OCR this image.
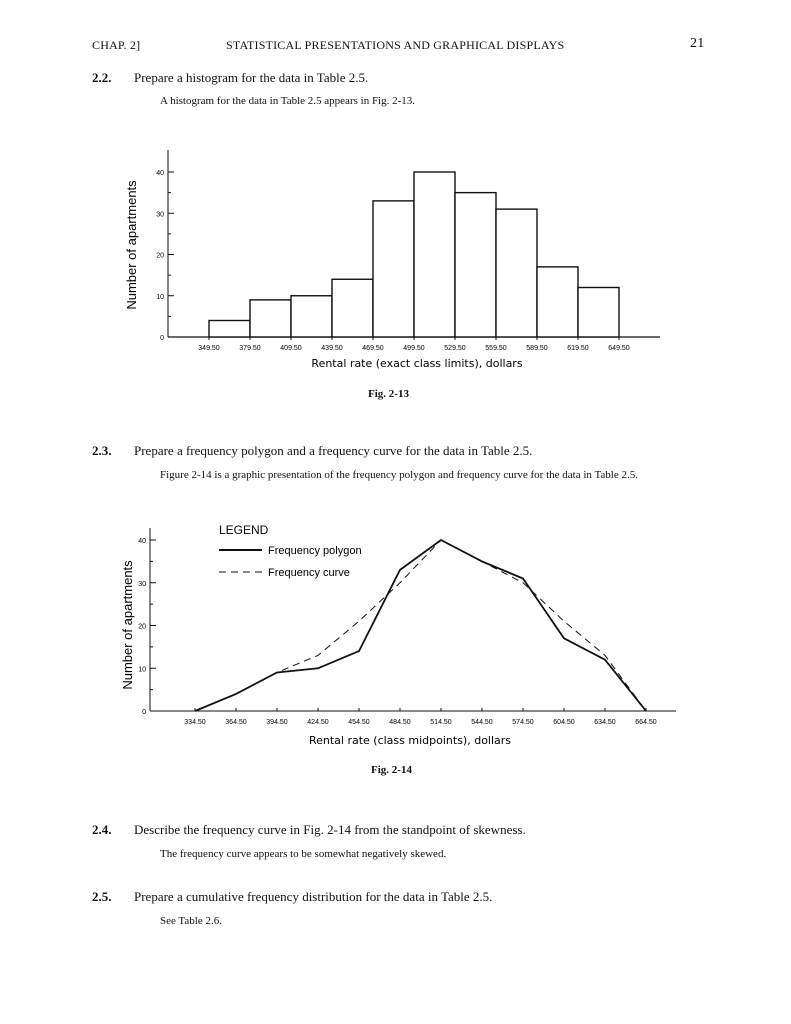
CHAP. 2]	STATISTICAL PRESENTATIONS AND GRAPHICAL DISPLAYS	21
2.2. Prepare a histogram for the data in Table 2.5.
A histogram for the data in Table 2.5 appears in Fig. 2-13.
0
10
20
30
40
349.50	379.50	409.50	439.50	469.50	499.50	529.50	559.50	589.50	619.50	649.50
Rental rate (exact class limits), dollars
Number of apartments
Fig. 2-13
2.3. Prepare a frequency polygon and a frequency curve for the data in Table 2.5.
Figure 2-14 is a graphic presentation of the frequency polygon and frequency curve for the data in Table 2.5.
0
10
20
30
40
334.50	364.50	394.50	424.50	454.50	484.50	514.50	544.50	574.50	604.50	634.50	664.50
LEGEND
Frequency polygon
Frequency curve
Rental rate (class midpoints), dollars
Number of apartments
Fig. 2-14
2.4. Describe the frequency curve in Fig. 2-14 from the standpoint of skewness.
The frequency curve appears to be somewhat negatively skewed.
2.5. Prepare a cumulative frequency distribution for the data in Table 2.5.
See Table 2.6.
